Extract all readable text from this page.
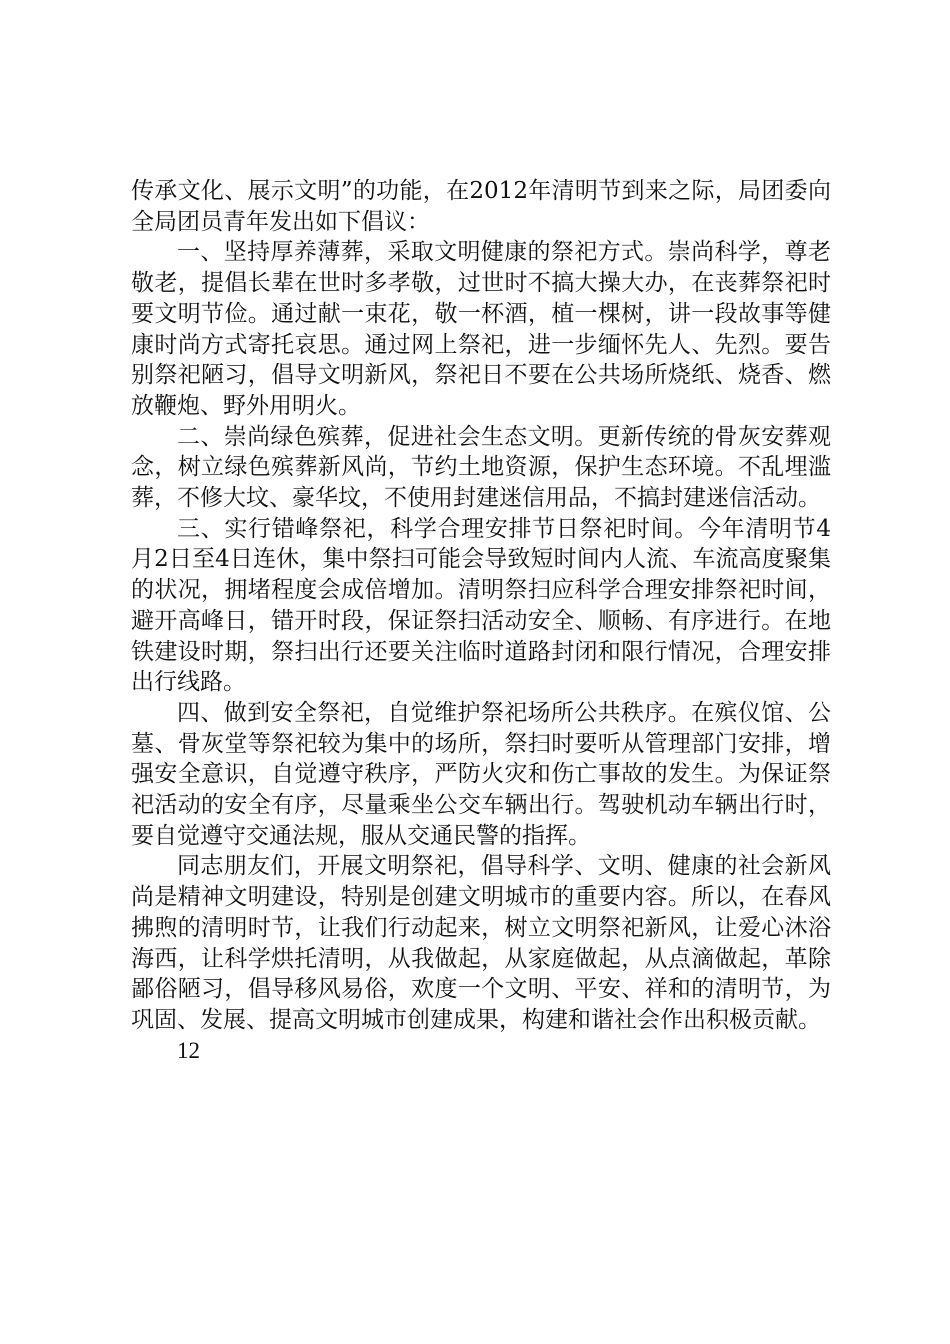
传承文化、展示文明”的功能，在2012年清明节到来之际，局团委向全局团员青年发出如下倡议：

一、坚持厚养薄葬，采取文明健康的祭祀方式。崇尚科学，尊老敬老，提倡长辈在世时多孝敬，过世时不搞大操大办，在丧葬祭祀时要文明节俭。通过献一束花，敬一杯酒，植一棵树，讲一段故事等健康时尚方式寄托哀思。通过网上祭祀，进一步缅怀先人、先烈。要告别祭祀陋习，倡导文明新风，祭祀日不要在公共场所烧纸、烧香、燃放鞭炮、野外用明火。

二、崇尚绿色殡葬，促进社会生态文明。更新传统的骨灰安葬观念，树立绿色殡葬新风尚，节约土地资源，保护生态环境。不乱埋滥葬，不修大坟、豪华坟，不使用封建迷信用品，不搞封建迷信活动。

三、实行错峰祭祀，科学合理安排节日祭祀时间。今年清明节4月2日至4日连休，集中祭扫可能会导致短时间内人流、车流高度聚集的状况，拥堵程度会成倍增加。清明祭扫应科学合理安排祭祀时间，避开高峰日，错开时段，保证祭扫活动安全、顺畅、有序进行。在地铁建设时期，祭扫出行还要关注临时道路封闭和限行情况，合理安排出行线路。

四、做到安全祭祀，自觉维护祭祀场所公共秩序。在殡仪馆、公墓、骨灰堂等祭祀较为集中的场所，祭扫时要听从管理部门安排，增强安全意识，自觉遵守秩序，严防火灾和伤亡事故的发生。为保证祭祀活动的安全有序，尽量乘坐公交车辆出行。驾驶机动车辆出行时，要自觉遵守交通法规，服从交通民警的指挥。

同志朋友们，开展文明祭祀，倡导科学、文明、健康的社会新风尚是精神文明建设，特别是创建文明城市的重要内容。所以，在春风拂煦的清明时节，让我们行动起来，树立文明祭祀新风，让爱心沐浴海西，让科学烘托清明，从我做起，从家庭做起，从点滴做起，革除鄙俗陋习，倡导移风易俗，欢度一个文明、平安、祥和的清明节，为巩固、发展、提高文明城市创建成果，构建和谐社会作出积极贡献。

12
